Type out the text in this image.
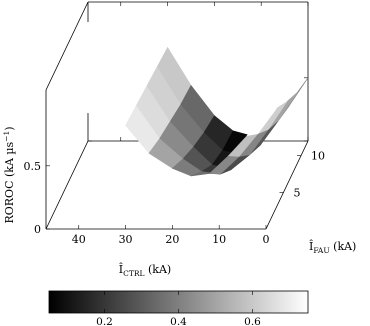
40	30	20	10	0
5
10
0
0.5
$Î_{CTRL}$ (kA)
$Î_{FAU}$ (kA)
ROROC (kA µs$^{-1}$)
0.2	0.4	0.6
